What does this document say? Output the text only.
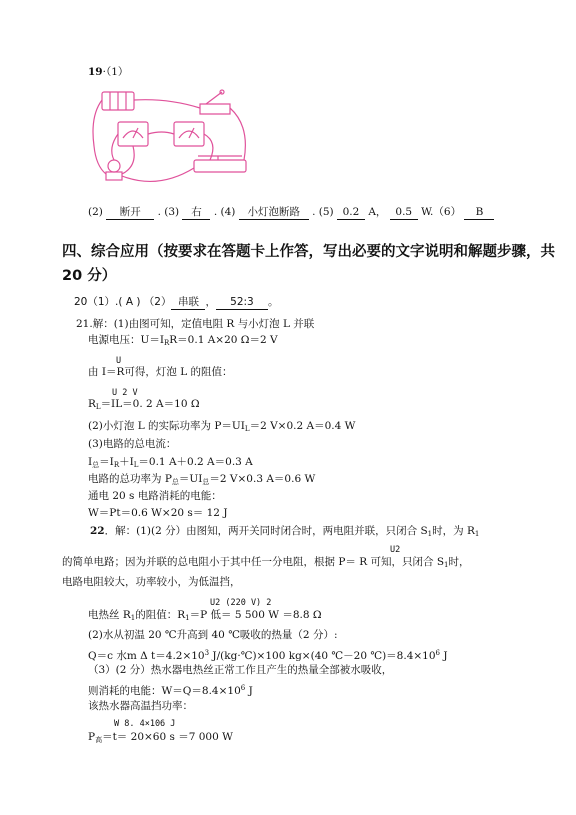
19·（1）
(2) 断开 . (3) 右 . (4) 小灯泡断路 . (5) 0.2 A， 0.5 W.（6） B
四、综合应用（按要求在答题卡上作答，写出必要的文字说明和解题步骤，共
20 分）
20（1）.( A ) （2） 串联 ， 52:3 。
21.解：(1)由图可知，定值电阻 R 与小灯泡 L 并联
电源电压：$U=I_RR=0.1$ A×20 Ω＝2 V
U
由 I＝R可得，灯泡 L 的阻值：
U 2 V
$R_L=IL=0$. 2 A＝10 Ω
(2)小灯泡 L 的实际功率为 $P=UI_L=2$ V×0.2 A＝0.4 W
(3)电路的总电流：
$I_总=I_R+I_L=0.1$ A＋0.2 A＝0.3 A
电路的总功率为 $P_总=UI_总=2$ V×0.3 A＝0.6 W
通电 20 s 电路消耗的电能：
W＝Pt＝0.6 W×20 s＝ 12 J
22．解：(1)(2 分）由图知，两开关同时闭合时，两电阻并联，只闭合 $S_1$时，为 $R_1$
U2
的简单电路；因为并联的总电阻小于其中任一分电阻，根据 P＝ R 可知，只闭合 $S_1$时，
电路电阻较大，功率较小，为低温挡，
U2 (220 V) 2
电热丝 $R_1$的阻值：$R_1=P$ 低＝ 5 500 W ＝8.8 Ω
(2)水从初温 20 ℃升高到 40 ℃吸收的热量（2 分）:
Q＝c 水m Δ $t=4.2\times 10^3$ J/(kg·℃)×100 kg×(40 ℃－20 $℃)=8.4\times 10^6$ J
（3）(2 分）热水器电热丝正常工作且产生的热量全部被水吸收，
则消耗的电能：$W=Q=8.4\times 10^6$ J
该热水器高温挡功率：
W 8. 4×106 J
$P_高=t= 20\times 60$ s ＝7 000 W
